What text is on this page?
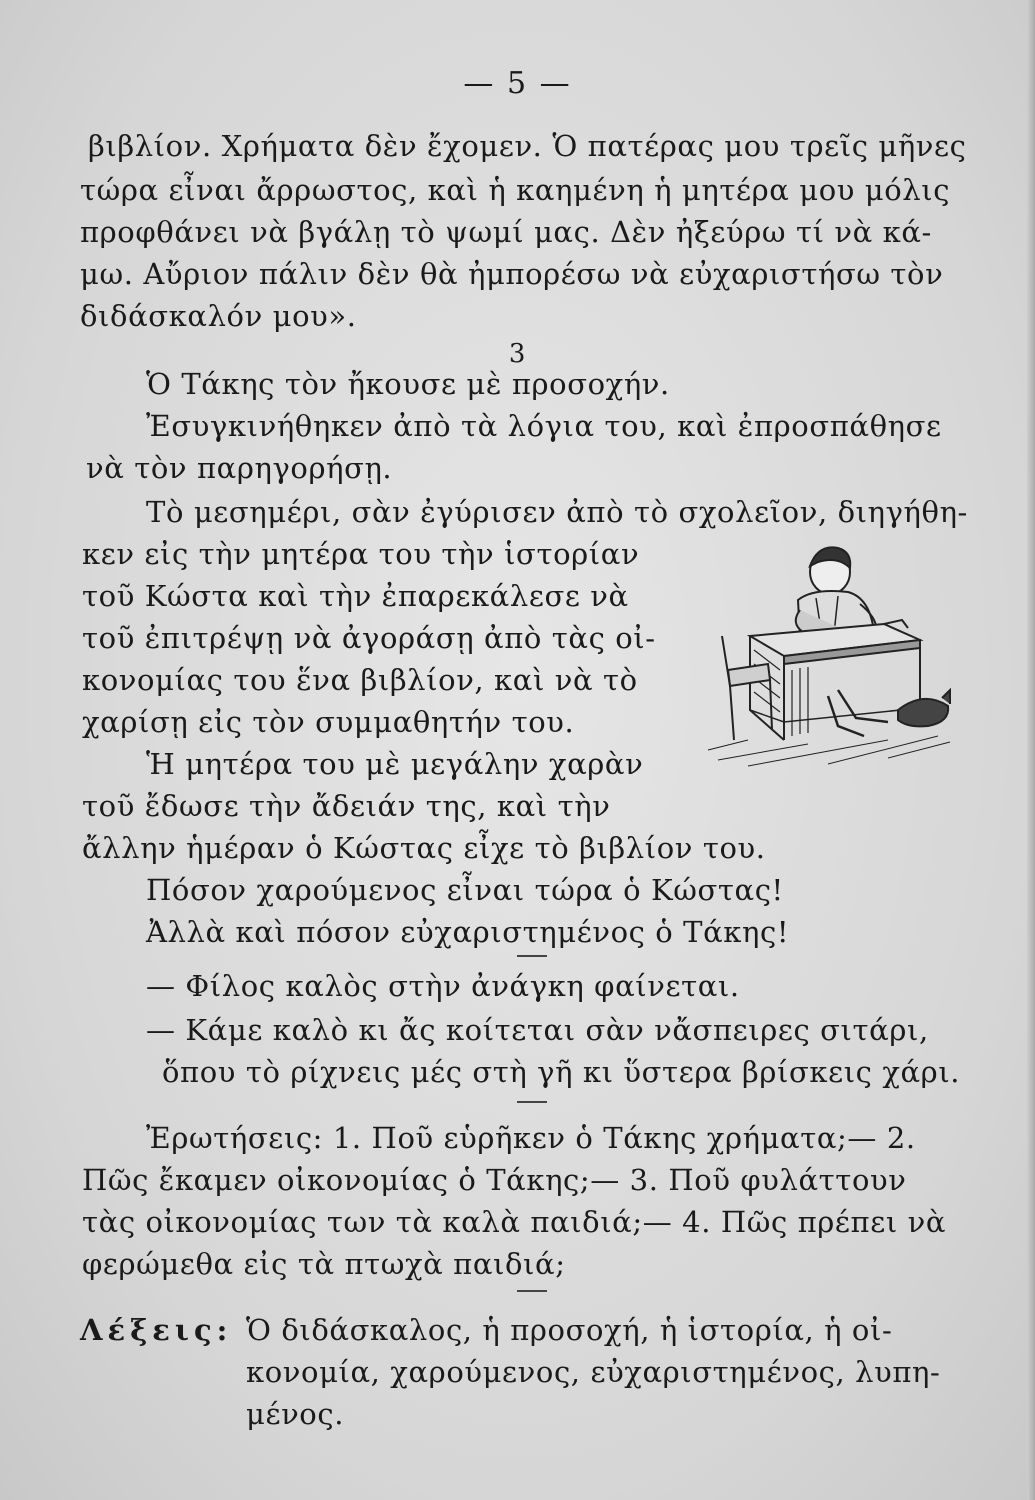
— 5 —
βιβλίον. Χρήματα δὲν ἔχομεν. Ὁ πατέρας μου τρεῖς μῆνες
τώρα εἶναι ἄρρωστος, καὶ ἡ καημένη ἡ μητέρα μου μόλις
προφθάνει νὰ βγάλῃ τὸ ψωμί μας. Δὲν ἠξεύρω τί νὰ κά-
μω. Αὔριον πάλιν δὲν θὰ ἠμπορέσω νὰ εὐχαριστήσω τὸν
διδάσκαλόν μου».
3
Ὁ Τάκης τὸν ἤκουσε μὲ προσοχήν.
Ἐσυγκινήθηκεν ἀπὸ τὰ λόγια του, καὶ ἐπροσπάθησε
νὰ τὸν παρηγορήσῃ.
Τὸ μεσημέρι, σὰν ἐγύρισεν ἀπὸ τὸ σχολεῖον, διηγήθη-
κεν εἰς τὴν μητέρα του τὴν ἱστορίαν
τοῦ Κώστα καὶ τὴν ἐπαρεκάλεσε νὰ
τοῦ ἐπιτρέψῃ νὰ ἀγοράσῃ ἀπὸ τὰς οἰ-
κονομίας του ἕνα βιβλίον, καὶ νὰ τὸ
χαρίσῃ εἰς τὸν συμμαθητήν του.
Ἡ μητέρα του μὲ μεγάλην χαρὰν
τοῦ ἔδωσε τὴν ἄδειάν της, καὶ τὴν
ἄλλην ἡμέραν ὁ Κώστας εἶχε τὸ βιβλίον του.
Πόσον χαρούμενος εἶναι τώρα ὁ Κώστας!
Ἀλλὰ καὶ πόσον εὐχαριστημένος ὁ Τάκης!
— Φίλος καλὸς στὴν ἀνάγκη φαίνεται.
— Κάμε καλὸ κι ἄς κοίτεται σὰν νἄσπειρες σιτάρι,
ὅπου τὸ ρίχνεις μές στὴ γῆ κι ὕστερα βρίσκεις χάρι.
Ἐρωτήσεις: 1. Ποῦ εὑρῆκεν ὁ Τάκης χρήματα;— 2.
Πῶς ἔκαμεν οἰκονομίας ὁ Τάκης;— 3. Ποῦ φυλάττουν
τὰς οἰκονομίας των τὰ καλὰ παιδιά;— 4. Πῶς πρέπει νὰ
φερώμεθα εἰς τὰ πτωχὰ παιδιά;
Λέξεις: Ὁ διδάσκαλος, ἡ προσοχή, ἡ ἱστορία, ἡ οἰ-
κονομία, χαρούμενος, εὐχαριστημένος, λυπη-
μένος.
